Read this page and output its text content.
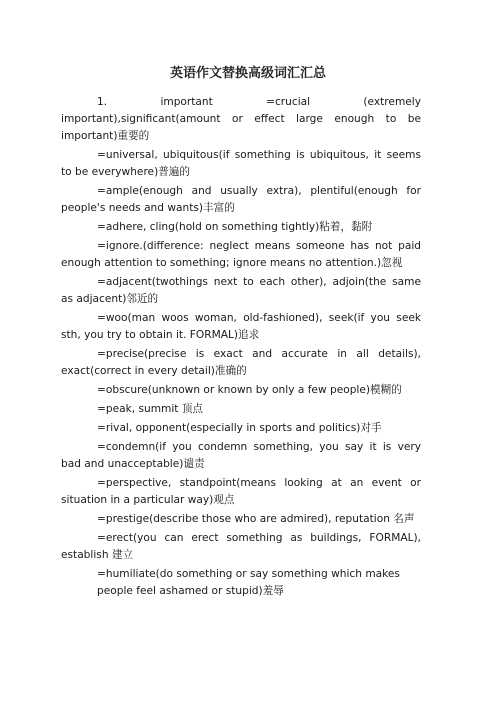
英语作文替换高级词汇汇总

1. important =crucial (extremely important),significant(amount or effect large enough to be important)重要的

=universal, ubiquitous(if something is ubiquitous, it seems to be everywhere)普遍的

=ample(enough and usually extra), plentiful(enough for people's needs and wants)丰富的

=adhere, cling(hold on something tightly)粘着，黏附

=ignore.(difference: neglect means someone has not paid enough attention to something; ignore means no attention.)忽视

=adjacent(twothings next to each other), adjoin(the same as adjacent)邻近的

=woo(man woos woman, old-fashioned), seek(if you seek sth, you try to obtain it. FORMAL)追求

=precise(precise is exact and accurate in all details), exact(correct in every detail)准确的

=obscure(unknown or known by only a few people)模糊的

=peak, summit 顶点

=rival, opponent(especially in sports and politics)对手

=condemn(if you condemn something, you say it is very bad and unacceptable)谴责

=perspective, standpoint(means looking at an event or situation in a particular way)观点

=prestige(describe those who are admired), reputation 名声

=erect(you can erect something as buildings, FORMAL), establish 建立

=humiliate(do something or say something which makes people feel ashamed or stupid)羞辱
